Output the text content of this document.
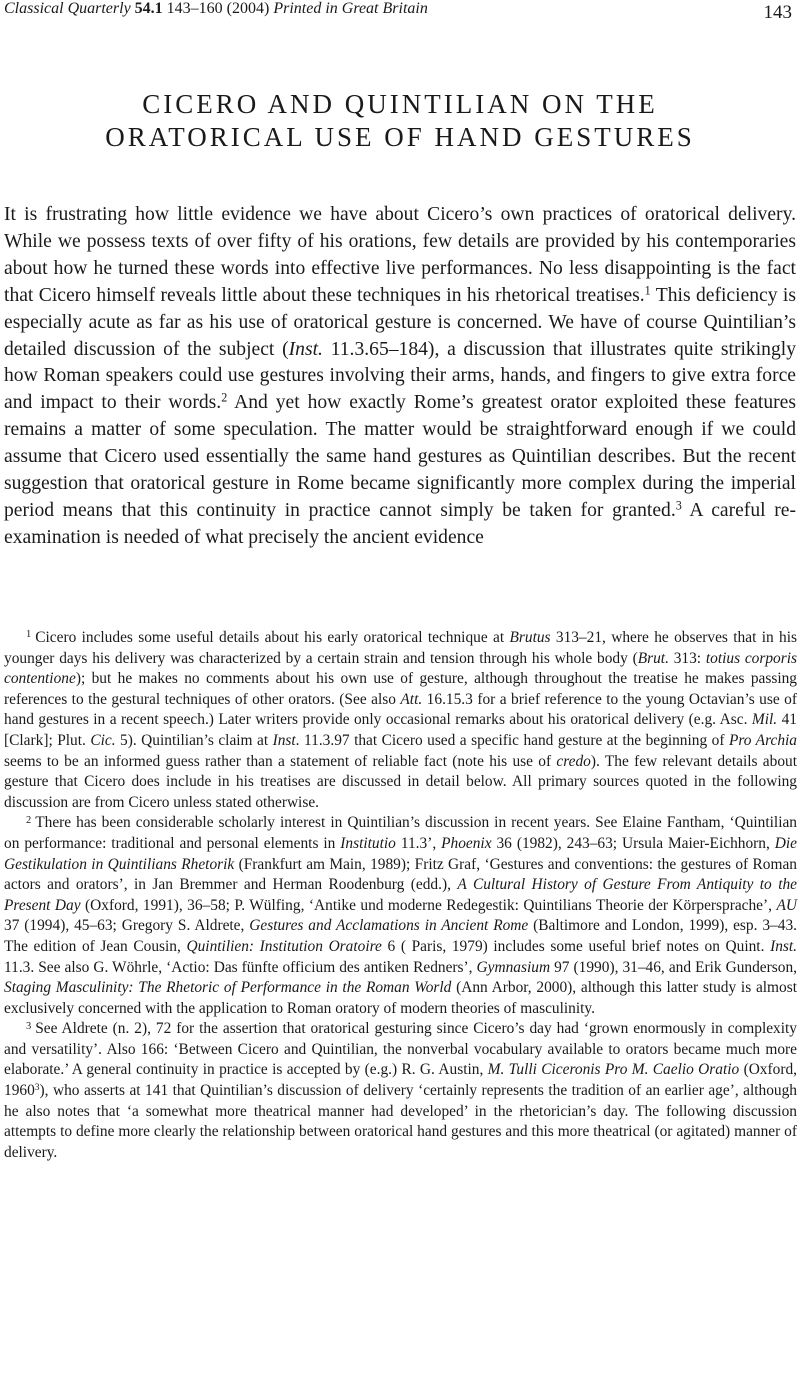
Classical Quarterly 54.1 143–160 (2004) Printed in Great Britain	143
CICERO AND QUINTILIAN ON THE
ORATORICAL USE OF HAND GESTURES

It is frustrating how little evidence we have about Cicero’s own practices of oratorical delivery. While we possess texts of over fifty of his orations, few details are provided by his contemporaries about how he turned these words into effective live performances. No less disappointing is the fact that Cicero himself reveals little about these techniques in his rhetorical treatises.$^1$ This deficiency is especially acute as far as his use of oratorical gesture is concerned. We have of course Quintilian’s detailed discussion of the subject (Inst. 11.3.65–184), a discussion that illustrates quite strikingly how Roman speakers could use gestures involving their arms, hands, and fingers to give extra force and impact to their words.$^2$ And yet how exactly Rome’s greatest orator exploited these features remains a matter of some speculation. The matter would be straightforward enough if we could assume that Cicero used essentially the same hand gestures as Quintilian describes. But the recent suggestion that oratorical gesture in Rome became significantly more complex during the imperial period means that this continuity in practice cannot simply be taken for granted.$^3$ A careful re-examination is needed of what precisely the ancient evidence

$^1$ Cicero includes some useful details about his early oratorical technique at Brutus 313–21, where he observes that in his younger days his delivery was characterized by a certain strain and tension through his whole body (Brut. 313: totius corporis contentione); but he makes no comments about his own use of gesture, although throughout the treatise he makes passing references to the gestural techniques of other orators. (See also Att. 16.15.3 for a brief reference to the young Octavian’s use of hand gestures in a recent speech.) Later writers provide only occasional remarks about his oratorical delivery (e.g. Asc. Mil. 41 [Clark]; Plut. Cic. 5). Quintilian’s claim at Inst. 11.3.97 that Cicero used a specific hand gesture at the beginning of Pro Archia seems to be an informed guess rather than a statement of reliable fact (note his use of credo). The few relevant details about gesture that Cicero does include in his treatises are discussed in detail below. All primary sources quoted in the following discussion are from Cicero unless stated otherwise.

$^2$ There has been considerable scholarly interest in Quintilian’s discussion in recent years. See Elaine Fantham, ‘Quintilian on performance: traditional and personal elements in Institutio 11.3’, Phoenix 36 (1982), 243–63; Ursula Maier-Eichhorn, Die Gestikulation in Quintilians Rhetorik (Frankfurt am Main, 1989); Fritz Graf, ‘Gestures and conventions: the gestures of Roman actors and orators’, in Jan Bremmer and Herman Roodenburg (edd.), A Cultural History of Gesture From Antiquity to the Present Day (Oxford, 1991), 36–58; P. Wülfing, ‘Antike und moderne Redegestik: Quintilians Theorie der Körpersprache’, AU 37 (1994), 45–63; Gregory S. Aldrete, Gestures and Acclamations in Ancient Rome (Baltimore and London, 1999), esp. 3–43. The edition of Jean Cousin, Quintilien: Institution Oratoire 6 ( Paris, 1979) includes some useful brief notes on Quint. Inst. 11.3. See also G. Wöhrle, ‘Actio: Das fünfte officium des antiken Redners’, Gymnasium 97 (1990), 31–46, and Erik Gunderson, Staging Masculinity: The Rhetoric of Performance in the Roman World (Ann Arbor, 2000), although this latter study is almost exclusively concerned with the application to Roman oratory of modern theories of masculinity.

$^3$ See Aldrete (n. 2), 72 for the assertion that oratorical gesturing since Cicero’s day had ‘grown enormously in complexity and versatility’. Also 166: ‘Between Cicero and Quintilian, the nonverbal vocabulary available to orators became much more elaborate.’ A general continuity in practice is accepted by (e.g.) R. G. Austin, M. Tulli Ciceronis Pro M. Caelio Oratio (Oxford, 1960$^3$), who asserts at 141 that Quintilian’s discussion of delivery ‘certainly represents the tradition of an earlier age’, although he also notes that ‘a somewhat more theatrical manner had developed’ in the rhetorician’s day. The following discussion attempts to define more clearly the relationship between oratorical hand gestures and this more theatrical (or agitated) manner of delivery.
